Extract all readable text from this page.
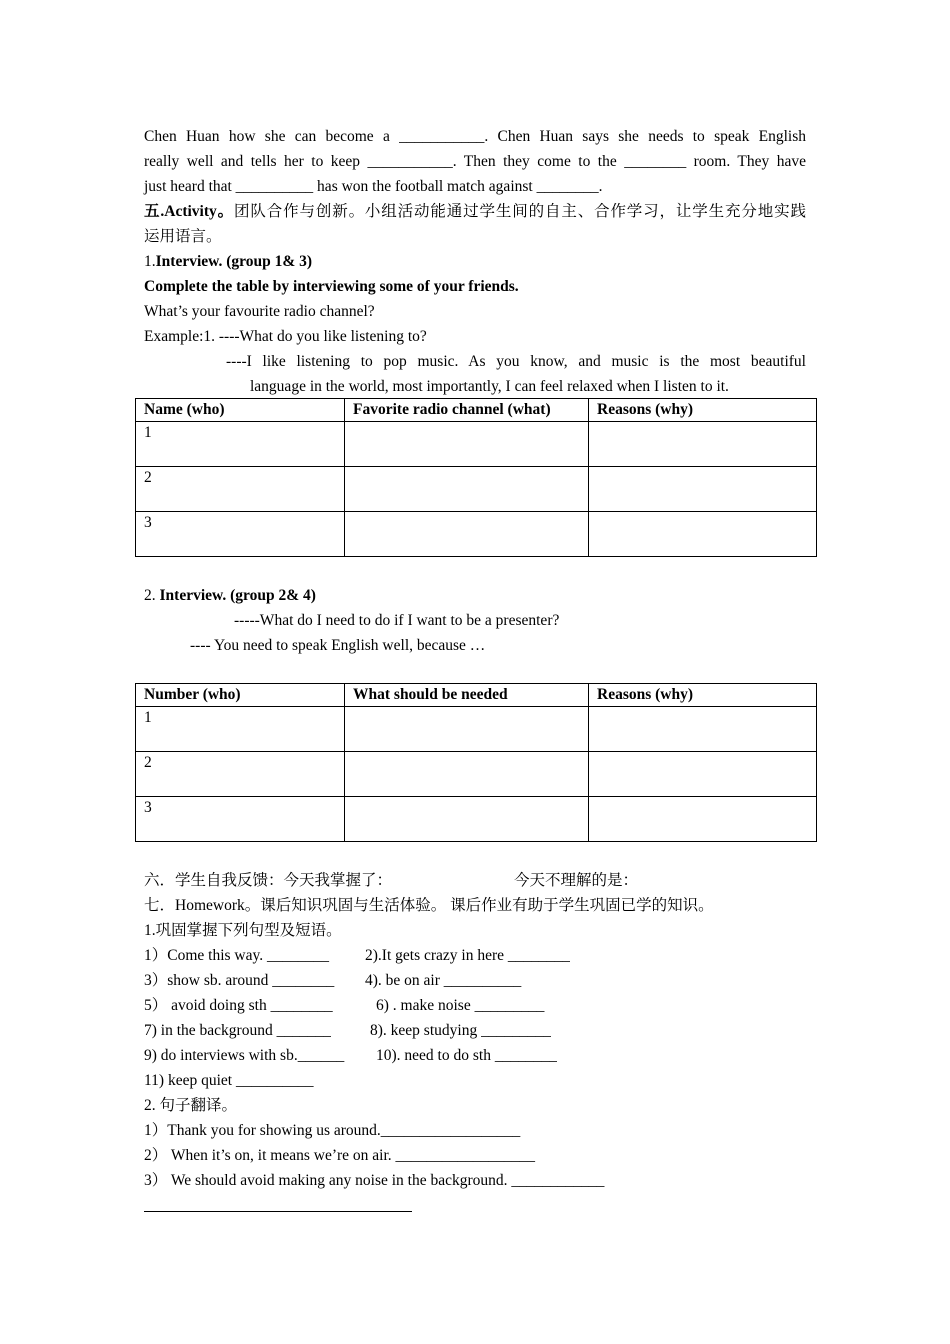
Chen Huan how she can become a ___________. Chen Huan says she needs to speak English
really well and tells her to keep ___________. Then they come to the ________ room. They have
just heard that __________ has won the football match against ________.
五.Activity。团队合作与创新。小组活动能通过学生间的自主、合作学习，让学生充分地实践
运用语言。
1.Interview. (group 1& 3)
Complete the table by interviewing some of your friends.
What’s your favourite radio channel?
Example:1. ----What do you like listening to?
----I like listening to pop music. As you know, and music is the most beautiful
language in the world, most importantly, I can feel relaxed when I listen to it.
Name (who)	Favorite radio channel (what)	Reasons (why)
1		
2		
3		
2. Interview. (group 2& 4)
-----What do I need to do if I want to be a presenter?
---- You need to speak English well, because …
Number (who)	What should be needed	Reasons (why)
1		
2		
3		
六．学生自我反馈：今天我掌握了：	今天不理解的是：
七．Homework。课后知识巩固与生活体验。 课后作业有助于学生巩固已学的知识。
1.巩固掌握下列句型及短语。
1）Come this way. ________ 2).It gets crazy in here ________
3）show sb. around ________ 4). be on air __________
5） avoid doing sth ________	6) . make noise _________
7) in the background _______	8). keep studying _________
9) do interviews with sb.______ 10). need to do sth ________
11) keep quiet __________
2. 句子翻译。
1）Thank you for showing us around.__________________
2） When it’s on, it means we’re on air. __________________
3） We should avoid making any noise in the background. ____________
